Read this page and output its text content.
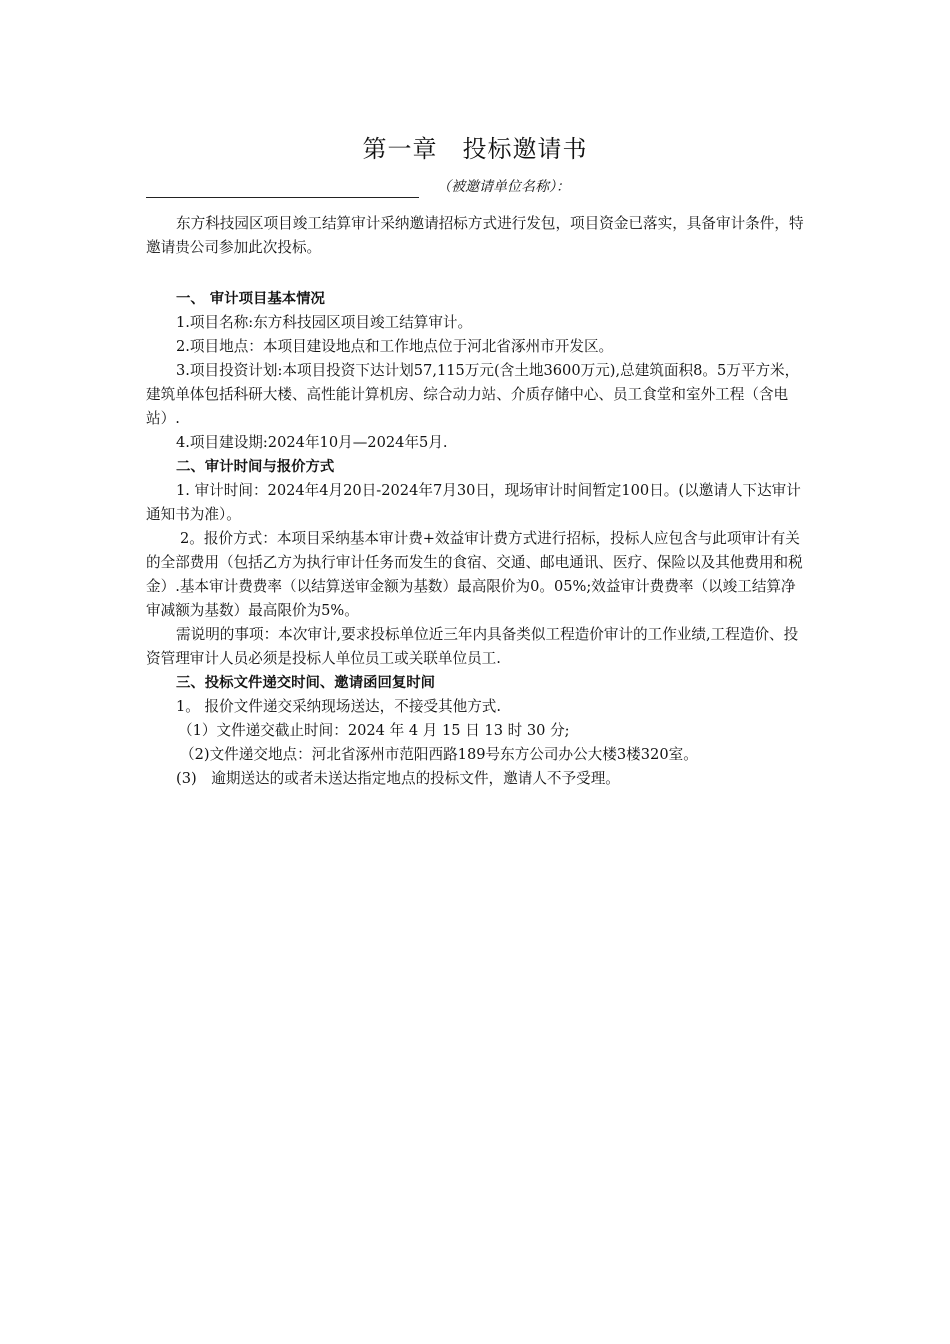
第一章　投标邀请书
（被邀请单位名称）：

东方科技园区项目竣工结算审计采纳邀请招标方式进行发包，项目资金已落实，具备审计条件，特邀请贵公司参加此次投标。

一、 审计项目基本情况

1.项目名称:东方科技园区项目竣工结算审计。

2.项目地点：本项目建设地点和工作地点位于河北省涿州市开发区。

3.项目投资计划:本项目投资下达计划57,115万元(含土地3600万元),总建筑面积8。5万平方米，建筑单体包括科研大楼、高性能计算机房、综合动力站、介质存储中心、员工食堂和室外工程（含电站）.

4.项目建设期:2024年10月—2024年5月.

二、审计时间与报价方式

1. 审计时间：2024年4月20日-2024年7月30日，现场审计时间暂定100日。(以邀请人下达审计通知书为准）。

2。报价方式：本项目采纳基本审计费+效益审计费方式进行招标，投标人应包含与此项审计有关的全部费用（包括乙方为执行审计任务而发生的食宿、交通、邮电通讯、医疗、保险以及其他费用和税金）.基本审计费费率（以结算送审金额为基数）最高限价为0。05%;效益审计费费率（以竣工结算净审减额为基数）最高限价为5%。

需说明的事项：本次审计,要求投标单位近三年内具备类似工程造价审计的工作业绩,工程造价、投资管理审计人员必须是投标人单位员工或关联单位员工.

三、投标文件递交时间、邀请函回复时间

1。 报价文件递交采纳现场送达，不接受其他方式.

（1）文件递交截止时间：2024 年 4 月 15 日 13 时 30 分;

（2)文件递交地点：河北省涿州市范阳西路189号东方公司办公大楼3楼320室。

(3)　逾期送达的或者未送达指定地点的投标文件，邀请人不予受理。
